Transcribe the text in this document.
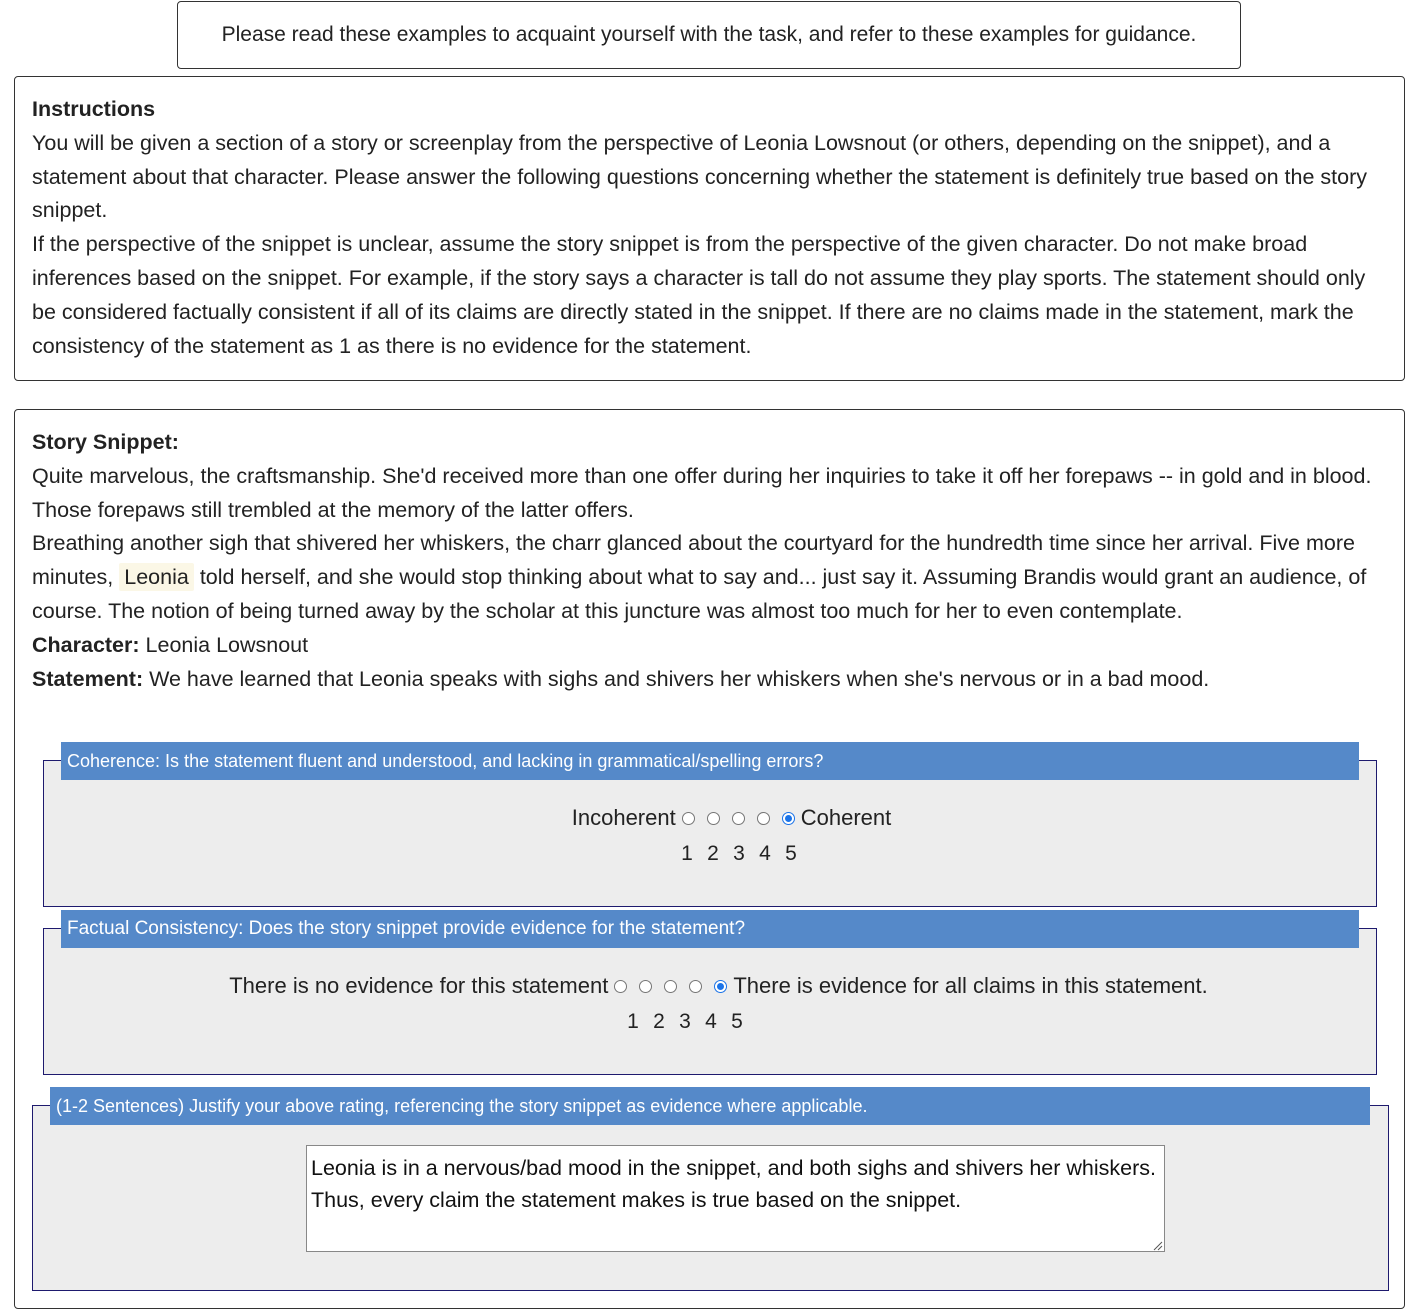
Please read these examples to acquaint yourself with the task, and refer to these examples for guidance.

Instructions

You will be given a section of a story or screenplay from the perspective of Leonia Lowsnout (or others, depending on the snippet), and a statement about that character. Please answer the following questions concerning whether the statement is definitely true based on the story snippet.

If the perspective of the snippet is unclear, assume the story snippet is from the perspective of the given character. Do not make broad inferences based on the snippet. For example, if the story says a character is tall do not assume they play sports. The statement should only be considered factually consistent if all of its claims are directly stated in the snippet. If there are no claims made in the statement, mark the consistency of the statement as 1 as there is no evidence for the statement.

Story Snippet:

Quite marvelous, the craftsmanship. She'd received more than one offer during her inquiries to take it off her forepaws -- in gold and in blood. Those forepaws still trembled at the memory of the latter offers.

Breathing another sigh that shivered her whiskers, the charr glanced about the courtyard for the hundredth time since her arrival. Five more minutes, Leonia told herself, and she would stop thinking about what to say and... just say it. Assuming Brandis would grant an audience, of course. The notion of being turned away by the scholar at this juncture was almost too much for her to even contemplate.

Character: Leonia Lowsnout

Statement: We have learned that Leonia speaks with sighs and shivers her whiskers when she's nervous or in a bad mood.

Coherence: Is the statement fluent and understood, and lacking in grammatical/spelling errors?
Incoherent	Coherent
1 2 3 4 5
Factual Consistency: Does the story snippet provide evidence for the statement?
There is no evidence for this statement	There is evidence for all claims in this statement.
1 2 3 4 5
(1-2 Sentences) Justify your above rating, referencing the story snippet as evidence where applicable.
Leonia is in a nervous/bad mood in the snippet, and both sighs and shivers her whiskers. Thus, every claim the statement makes is true based on the snippet.
